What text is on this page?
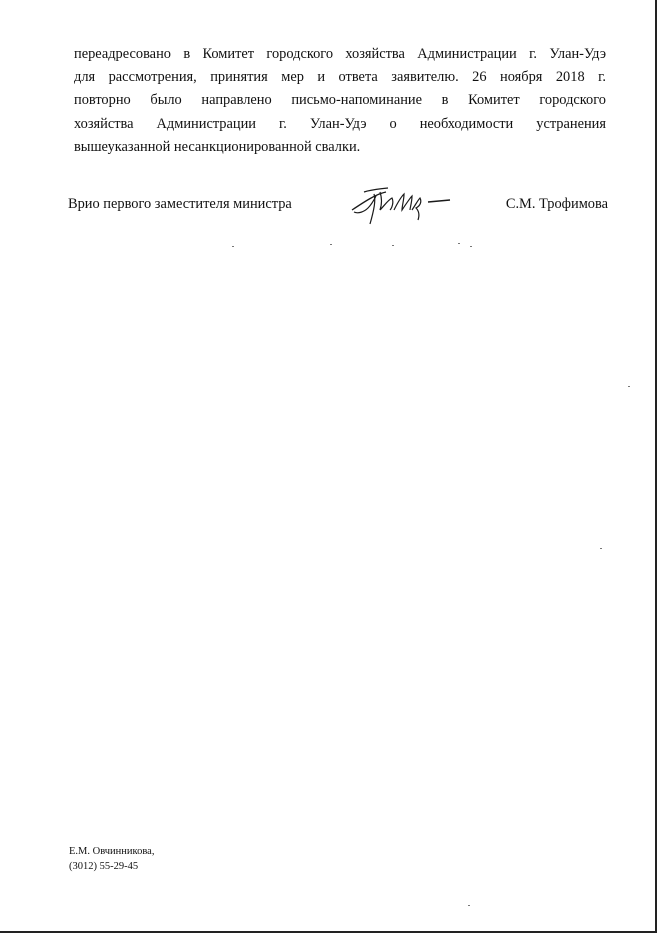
переадресовано в Комитет городского хозяйства Администрации г. Улан-Удэ
для рассмотрения, принятия мер и ответа заявителю. 26 ноября 2018 г.
повторно было направлено письмо-напоминание в Комитет городского
хозяйства Администрации г. Улан-Удэ о необходимости устранения
вышеуказанной несанкционированной свалки.
Врио первого заместителя министра	С.М. Трофимова
Е.М. Овчинникова,
(3012) 55-29-45
